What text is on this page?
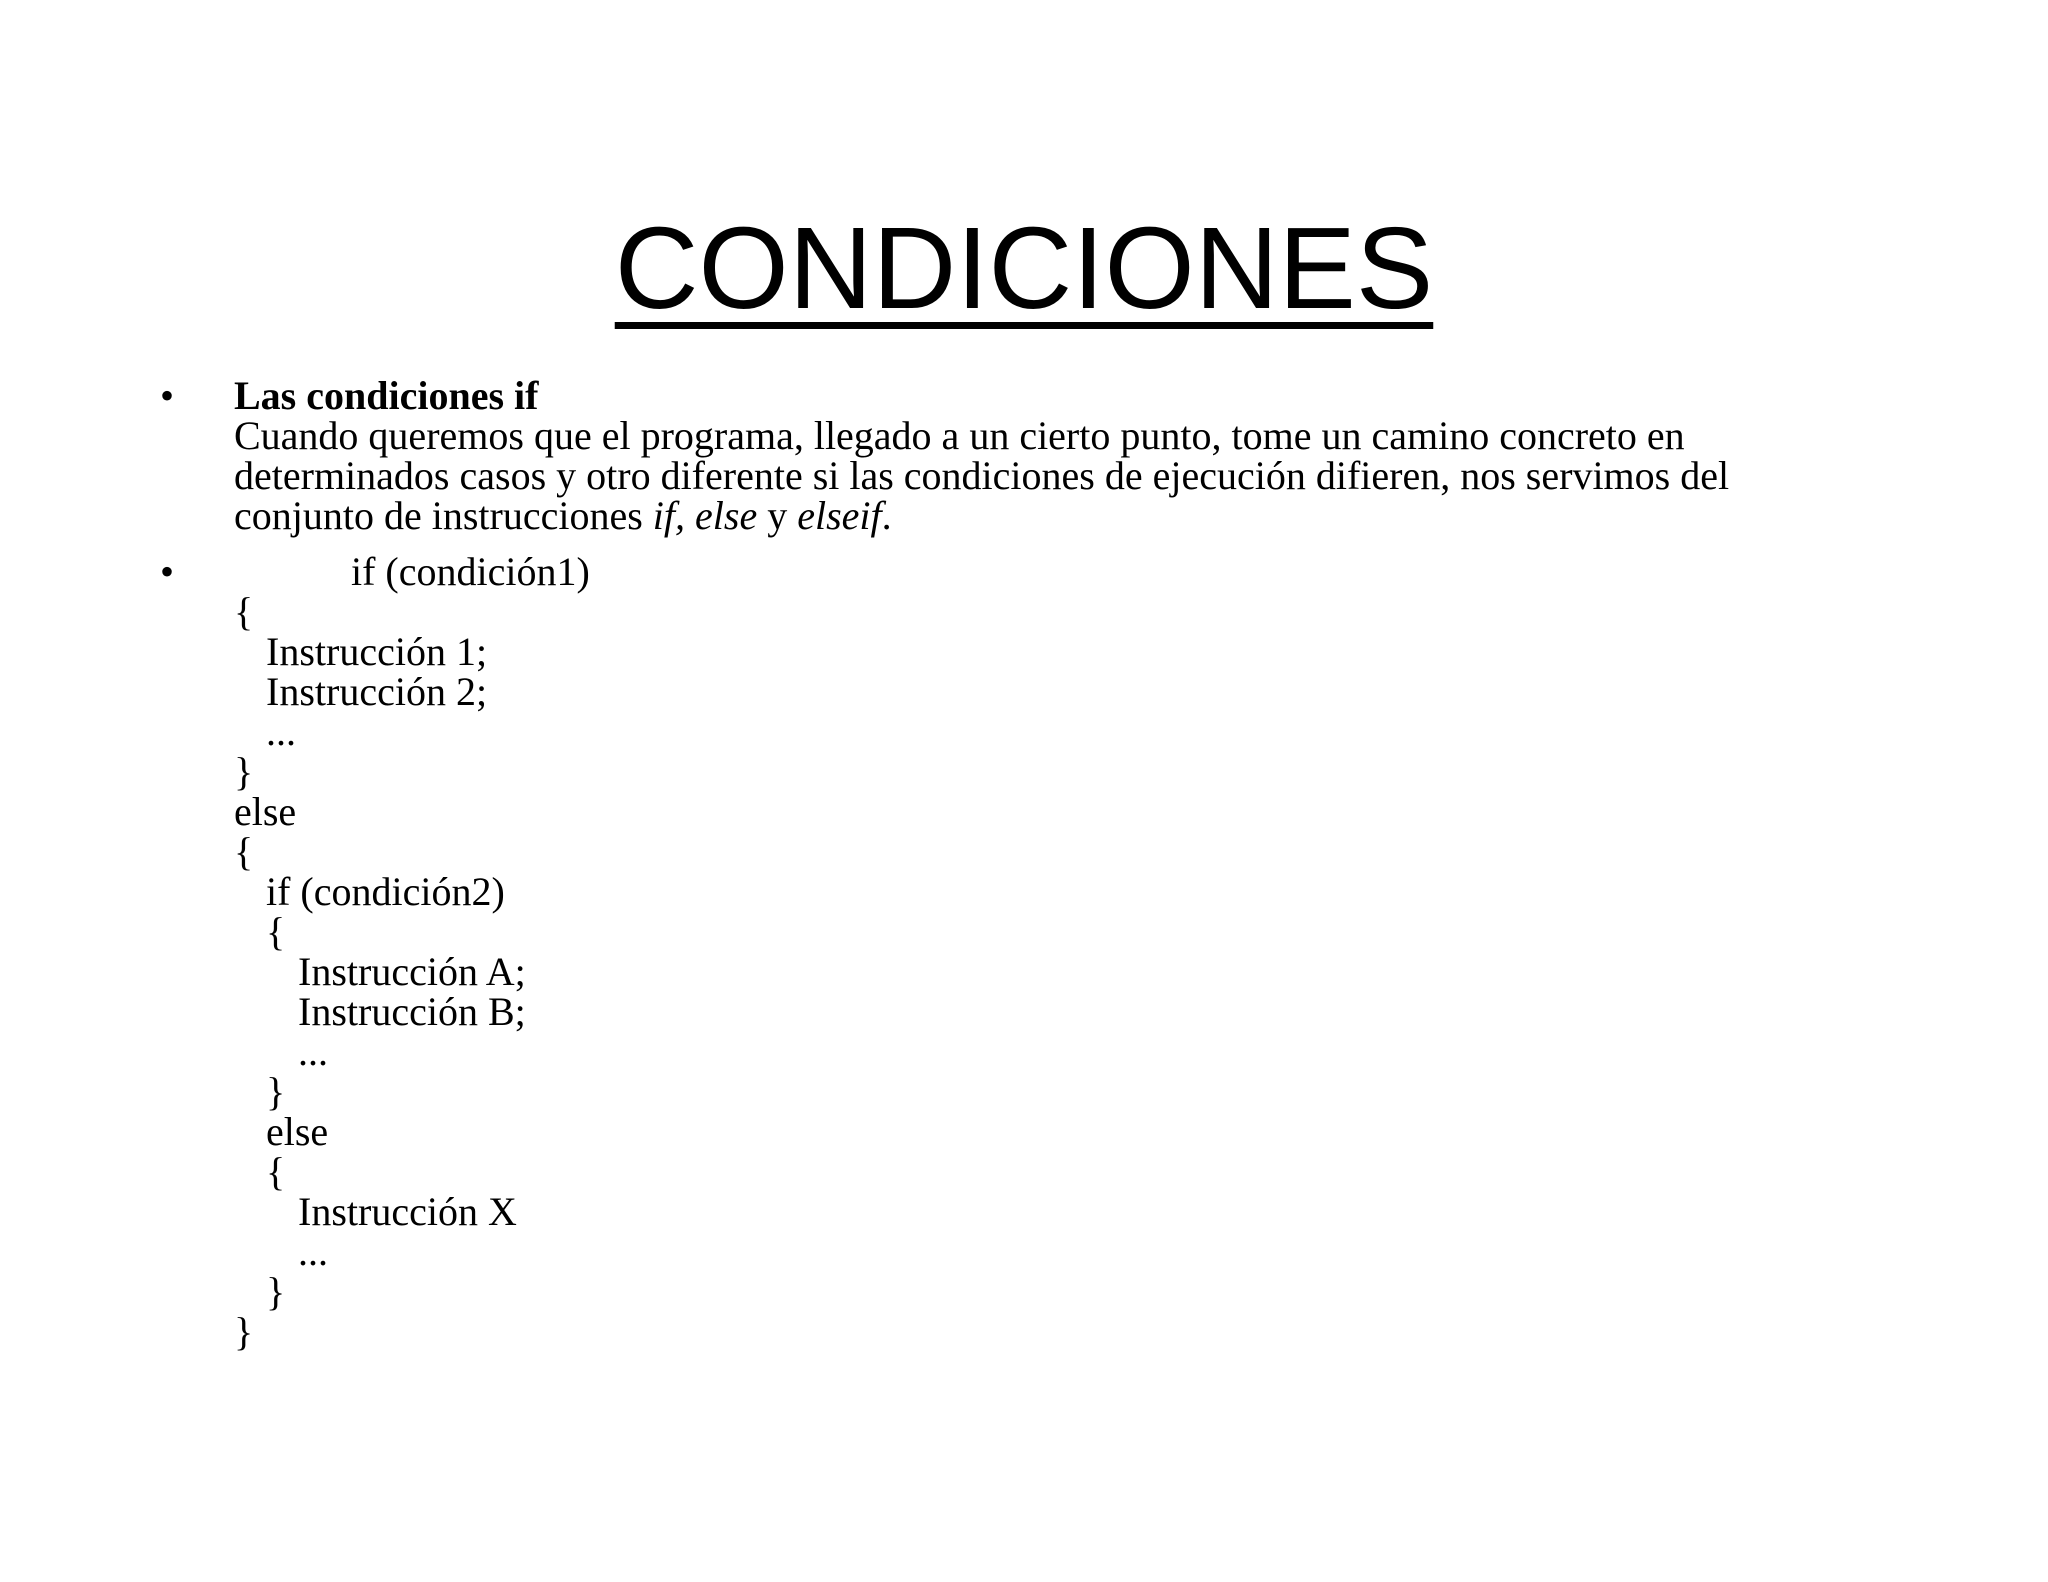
CONDICIONES
• Las condiciones if
Cuando queremos que el programa, llegado a un cierto punto, tome un camino concreto en
determinados casos y otro diferente si las condiciones de ejecución difieren, nos servimos del
conjunto de instrucciones if, else y elseif.
•	if (condición1)
{
Instrucción 1;
Instrucción 2;
...
}
else
{
if (condición2)
{
Instrucción A;
Instrucción B;
...
}
else
{
Instrucción X
...
}
}
